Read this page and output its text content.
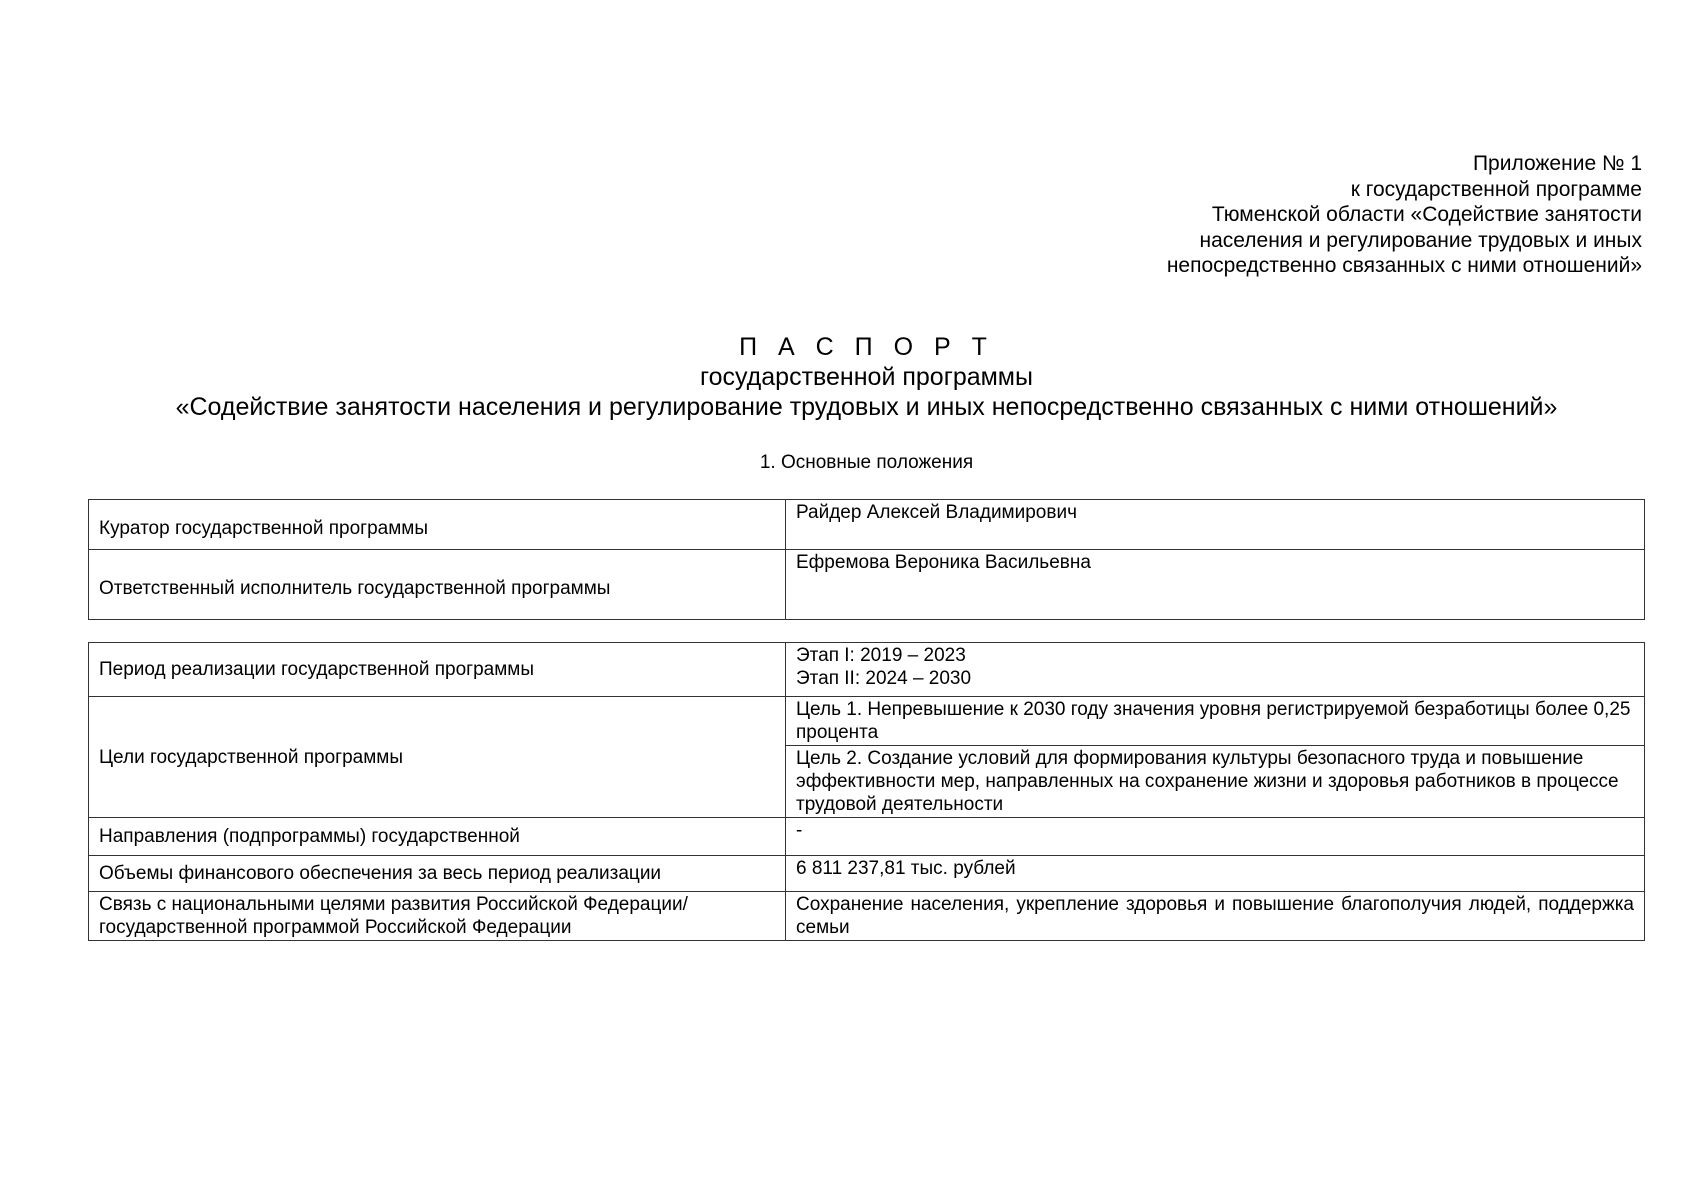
Приложение № 1
к государственной программе
Тюменской области «Содействие занятости
населения и регулирование трудовых и иных
непосредственно связанных с ними отношений»
П А С П О Р Т
государственной программы
«Содействие занятости населения и регулирование трудовых и иных непосредственно связанных с ними отношений»
1. Основные положения
Куратор государственной программы	Райдер Алексей Владимирович
Ответственный исполнитель государственной программы	Ефремова Вероника Васильевна
Период реализации государственной программы	Этап I: 2019 – 2023
Этап II: 2024 – 2030

Цели государственной программы	Цель 1. Непревышение к 2030 году значения уровня регистрируемой безработицы более 0,25 процента
	Цель 2. Создание условий для формирования культуры безопасного труда и повышение эффективности мер, направленных на сохранение жизни и здоровья работников в процессе трудовой деятельности
Направления (подпрограммы) государственной	-
Объемы финансового обеспечения за весь период реализации	6 811 237,81 тыс. рублей
Связь с национальными целями развития Российской Федерации/ государственной программой Российской Федерации	Сохранение населения, укрепление здоровья и повышение благополучия людей, поддержка семьи
